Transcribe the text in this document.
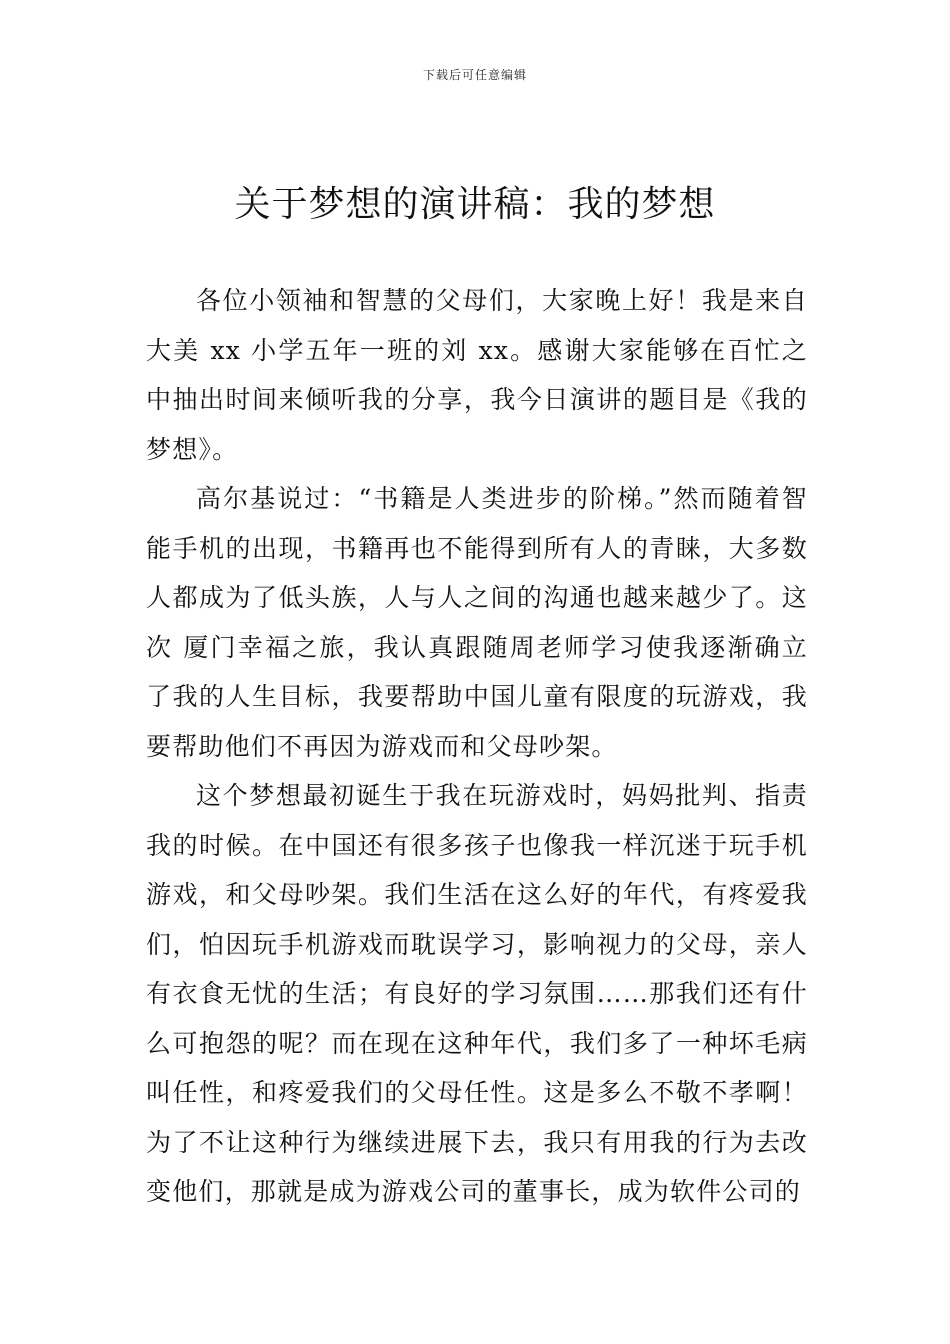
下载后可任意编辑
关于梦想的演讲稿：我的梦想

各位小领袖和智慧的父母们，大家晚上好！我是来自大美 xx 小学五年一班的刘 xx。感谢大家能够在百忙之中抽出时间来倾听我的分享，我今日演讲的题目是《我的梦想》。

高尔基说过：“书籍是人类进步的阶梯。”然而随着智能手机的出现，书籍再也不能得到所有人的青睐，大多数人都成为了低头族，人与人之间的沟通也越来越少了。这次 厦门幸福之旅，我认真跟随周老师学习使我逐渐确立了我的人生目标，我要帮助中国儿童有限度的玩游戏，我要帮助他们不再因为游戏而和父母吵架。

这个梦想最初诞生于我在玩游戏时，妈妈批判、指责我的时候。在中国还有很多孩子也像我一样沉迷于玩手机游戏，和父母吵架。我们生活在这么好的年代，有疼爱我们，怕因玩手机游戏而耽误学习，影响视力的父母，亲人有衣食无忧的生活；有良好的学习氛围……那我们还有什么可抱怨的呢？而在现在这种年代，我们多了一种坏毛病叫任性，和疼爱我们的父母任性。这是多么不敬不孝啊！为了不让这种行为继续进展下去，我只有用我的行为去改变他们，那就是成为游戏公司的董事长，成为软件公司的
